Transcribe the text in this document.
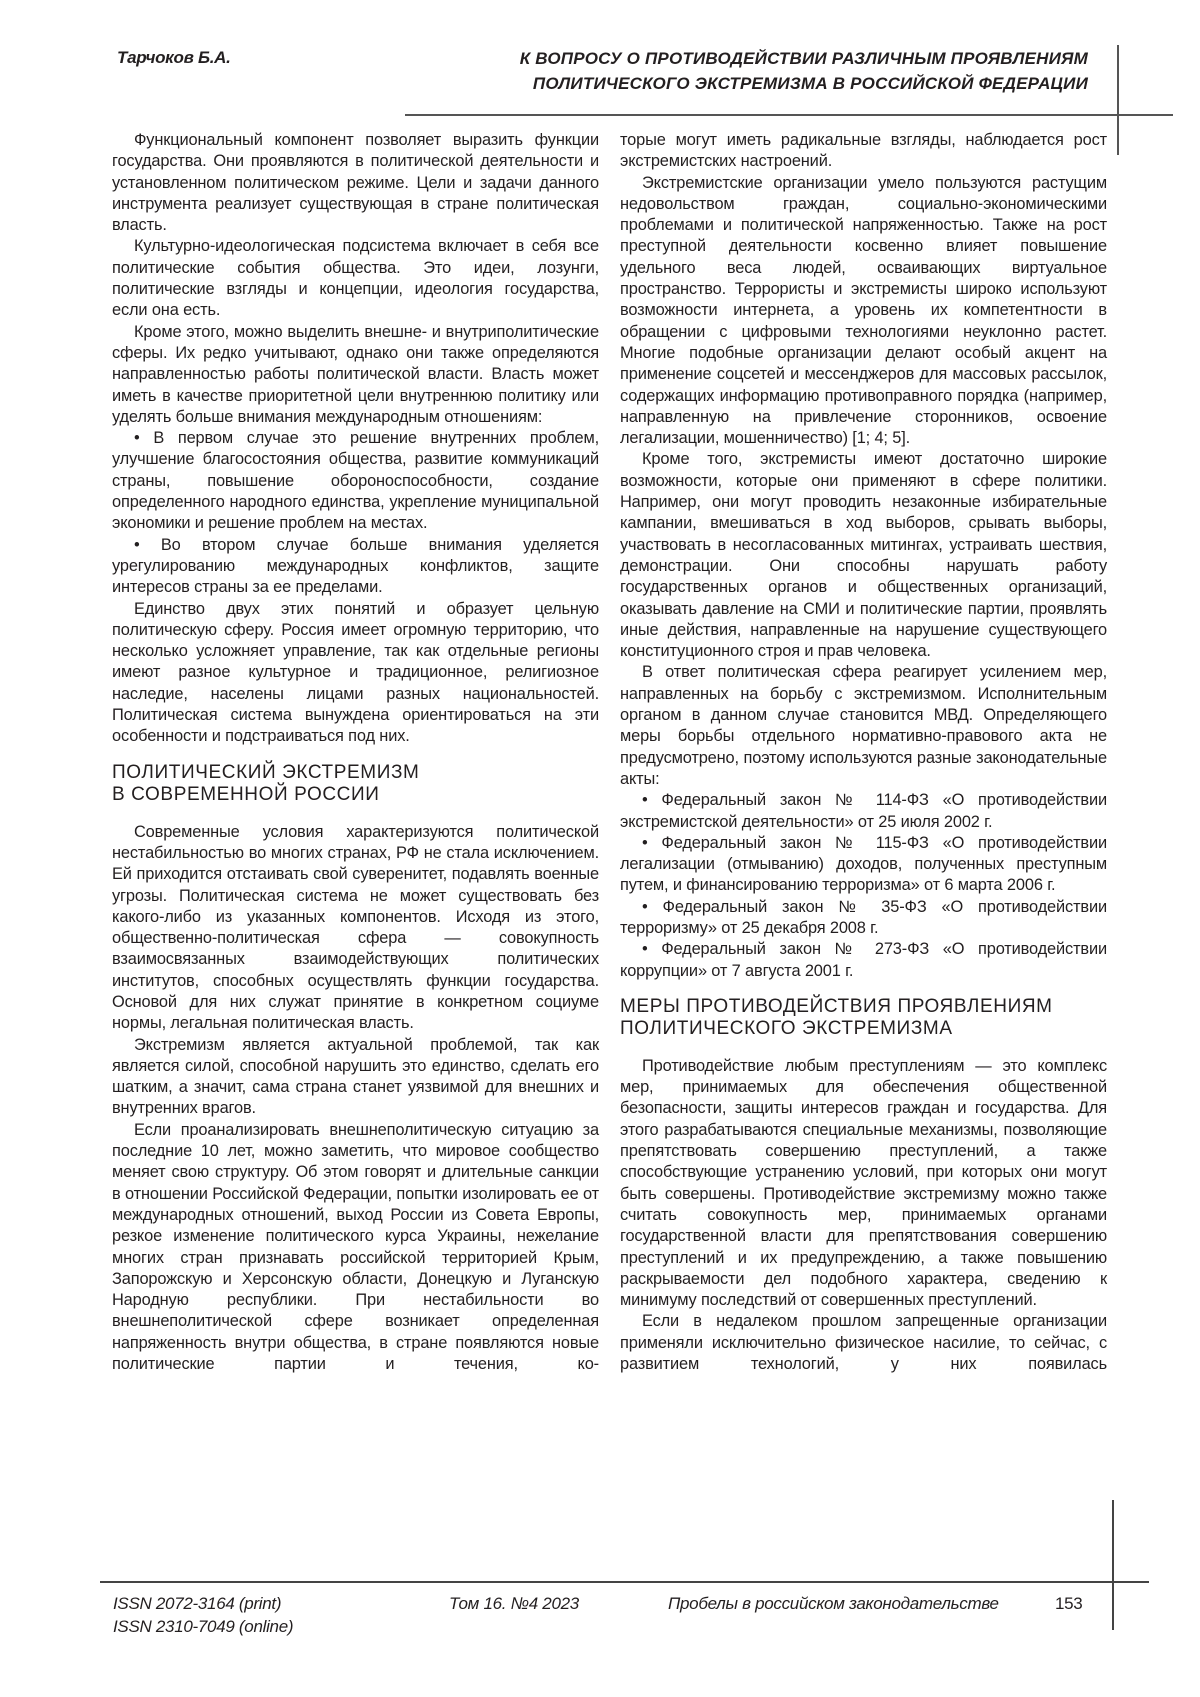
Тарчоков Б.А.	К ВОПРОСУ О ПРОТИВОДЕЙСТВИИ РАЗЛИЧНЫМ ПРОЯВЛЕНИЯМ
ПОЛИТИЧЕСКОГО ЭКСТРЕМИЗМА В РОССИЙСКОЙ ФЕДЕРАЦИИ

Функциональный компонент позволяет выразить функции государства. Они проявляются в политической деятельности и установленном политическом режиме. Цели и задачи данного инструмента реализует существующая в стране политическая власть.

Культурно-идеологическая подсистема включает в себя все политические события общества. Это идеи, лозунги, политические взгляды и концепции, идеология государства, если она есть.

Кроме этого, можно выделить внешне- и внутриполитические сферы. Их редко учитывают, однако они также определяются направленностью работы политической власти. Власть может иметь в качестве приоритетной цели внутреннюю политику или уделять больше внимания международным отношениям:

• В первом случае это решение внутренних проблем, улучшение благосостояния общества, развитие коммуникаций страны, повышение обороноспособности, создание определенного народного единства, укрепление муниципальной экономики и решение проблем на местах.

• Во втором случае больше внимания уделяется урегулированию международных конфликтов, защите интересов страны за ее пределами.

Единство двух этих понятий и образует цельную политическую сферу. Россия имеет огромную территорию, что несколько усложняет управление, так как отдельные регионы имеют разное культурное и традиционное, религиозное наследие, населены лицами разных национальностей. Политическая система вынуждена ориентироваться на эти особенности и подстраиваться под них.

ПОЛИТИЧЕСКИЙ ЭКСТРЕМИЗМ
В СОВРЕМЕННОЙ РОССИИ

Современные условия характеризуются политической нестабильностью во многих странах, РФ не стала исключением. Ей приходится отстаивать свой суверенитет, подавлять военные угрозы. Политическая система не может существовать без какого-либо из указанных компонентов. Исходя из этого, общественно-политическая сфера — совокупность взаимосвязанных взаимодействующих политических институтов, способных осуществлять функции государства. Основой для них служат принятие в конкретном социуме нормы, легальная политическая власть.

Экстремизм является актуальной проблемой, так как является силой, способной нарушить это единство, сделать его шатким, а значит, сама страна станет уязвимой для внешних и внутренних врагов.

Если проанализировать внешнеполитическую ситуацию за последние 10 лет, можно заметить, что мировое сообщество меняет свою структуру. Об этом говорят и длительные санкции в отношении Российской Федерации, попытки изолировать ее от международных отношений, выход России из Совета Европы, резкое изменение политического курса Украины, нежелание многих стран признавать российской территорией Крым, Запорожскую и Херсонскую области, Донецкую и Луганскую Народную республики. При нестабильности во внешнеполитической сфере возникает определенная напряженность внутри общества, в стране появляются новые политические партии и течения, ко-

торые могут иметь радикальные взгляды, наблюдается рост экстремистских настроений.

Экстремистские организации умело пользуются растущим недовольством граждан, социально-экономическими проблемами и политической напряженностью. Также на рост преступной деятельности косвенно влияет повышение удельного веса людей, осваивающих виртуальное пространство. Террористы и экстремисты широко используют возможности интернета, а уровень их компетентности в обращении с цифровыми технологиями неуклонно растет. Многие подобные организации делают особый акцент на применение соцсетей и мессенджеров для массовых рассылок, содержащих информацию противоправного порядка (например, направленную на привлечение сторонников, освоение легализации, мошенничество) [1; 4; 5].

Кроме того, экстремисты имеют достаточно широкие возможности, которые они применяют в сфере политики. Например, они могут проводить незаконные избирательные кампании, вмешиваться в ход выборов, срывать выборы, участвовать в несогласованных митингах, устраивать шествия, демонстрации. Они способны нарушать работу государственных органов и общественных организаций, оказывать давление на СМИ и политические партии, проявлять иные действия, направленные на нарушение существующего конституционного строя и прав человека.

В ответ политическая сфера реагирует усилением мер, направленных на борьбу с экстремизмом. Исполнительным органом в данном случае становится МВД. Определяющего меры борьбы отдельного нормативно-правового акта не предусмотрено, поэтому используются разные законодательные акты:

• Федеральный закон № 114-ФЗ «О противодействии экстремистской деятельности» от 25 июля 2002 г.

• Федеральный закон № 115-ФЗ «О противодействии легализации (отмыванию) доходов, полученных преступным путем, и финансированию терроризма» от 6 марта 2006 г.

• Федеральный закон № 35-ФЗ «О противодействии терроризму» от 25 декабря 2008 г.

• Федеральный закон № 273-ФЗ «О противодействии коррупции» от 7 августа 2001 г.

МЕРЫ ПРОТИВОДЕЙСТВИЯ ПРОЯВЛЕНИЯМ
ПОЛИТИЧЕСКОГО ЭКСТРЕМИЗМА

Противодействие любым преступлениям — это комплекс мер, принимаемых для обеспечения общественной безопасности, защиты интересов граждан и государства. Для этого разрабатываются специальные механизмы, позволяющие препятствовать совершению преступлений, а также способствующие устранению условий, при которых они могут быть совершены. Противодействие экстремизму можно также считать совокупность мер, принимаемых органами государственной власти для препятствования совершению преступлений и их предупреждению, а также повышению раскрываемости дел подобного характера, сведению к минимуму последствий от совершенных преступлений.

Если в недалеком прошлом запрещенные организации применяли исключительно физическое насилие, то сейчас, с развитием технологий, у них появилась

ISSN 2072-3164 (print)
ISSN 2310-7049 (online)
Том 16. №4 2023	Пробелы в российском законодательстве	153
